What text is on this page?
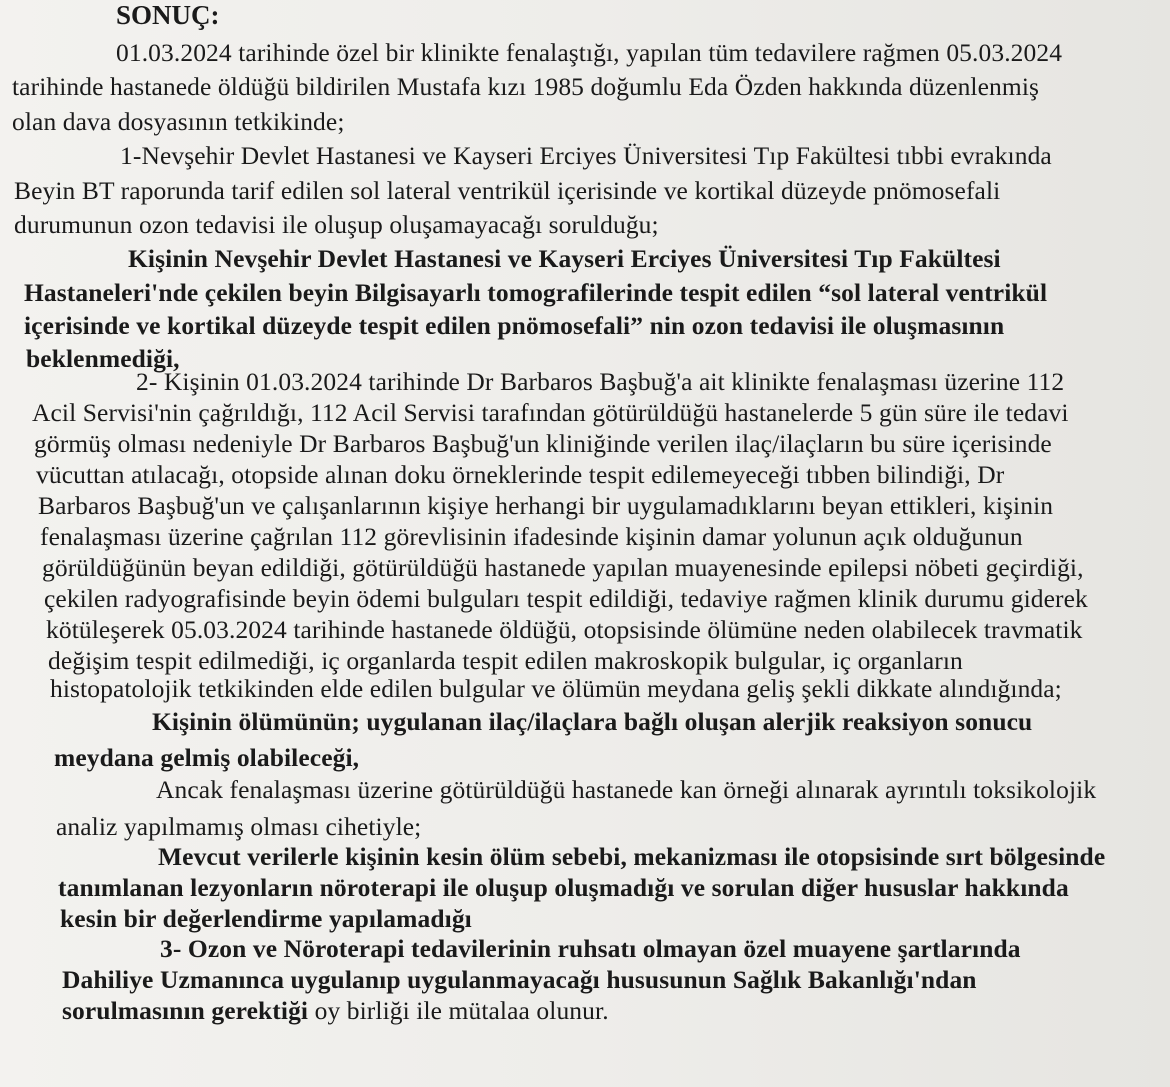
SONUÇ:
01.03.2024 tarihinde özel bir klinikte fenalaştığı, yapılan tüm tedavilere rağmen 05.03.2024
tarihinde hastanede öldüğü bildirilen Mustafa kızı 1985 doğumlu Eda Özden hakkında düzenlenmiş
olan dava dosyasının tetkikinde;
1-Nevşehir Devlet Hastanesi ve Kayseri Erciyes Üniversitesi Tıp Fakültesi tıbbi evrakında
Beyin BT raporunda tarif edilen sol lateral ventrikül içerisinde ve kortikal düzeyde pnömosefali
durumunun ozon tedavisi ile oluşup oluşamayacağı sorulduğu;
Kişinin Nevşehir Devlet Hastanesi ve Kayseri Erciyes Üniversitesi Tıp Fakültesi
Hastaneleri'nde çekilen beyin Bilgisayarlı tomografilerinde tespit edilen “sol lateral ventrikül
içerisinde ve kortikal düzeyde tespit edilen pnömosefali” nin ozon tedavisi ile oluşmasının
beklenmediği,
2- Kişinin 01.03.2024 tarihinde Dr Barbaros Başbuğ'a ait klinikte fenalaşması üzerine 112
Acil Servisi'nin çağrıldığı, 112 Acil Servisi tarafından götürüldüğü hastanelerde 5 gün süre ile tedavi
görmüş olması nedeniyle Dr Barbaros Başbuğ'un kliniğinde verilen ilaç/ilaçların bu süre içerisinde
vücuttan atılacağı, otopside alınan doku örneklerinde tespit edilemeyeceği tıbben bilindiği, Dr
Barbaros Başbuğ'un ve çalışanlarının kişiye herhangi bir uygulamadıklarını beyan ettikleri, kişinin
fenalaşması üzerine çağrılan 112 görevlisinin ifadesinde kişinin damar yolunun açık olduğunun
görüldüğünün beyan edildiği, götürüldüğü hastanede yapılan muayenesinde epilepsi nöbeti geçirdiği,
çekilen radyografisinde beyin ödemi bulguları tespit edildiği, tedaviye rağmen klinik durumu giderek
kötüleşerek 05.03.2024 tarihinde hastanede öldüğü, otopsisinde ölümüne neden olabilecek travmatik
değişim tespit edilmediği, iç organlarda tespit edilen makroskopik bulgular, iç organların
histopatolojik tetkikinden elde edilen bulgular ve ölümün meydana geliş şekli dikkate alındığında;
Kişinin ölümünün; uygulanan ilaç/ilaçlara bağlı oluşan alerjik reaksiyon sonucu
meydana gelmiş olabileceği,
Ancak fenalaşması üzerine götürüldüğü hastanede kan örneği alınarak ayrıntılı toksikolojik
analiz yapılmamış olması cihetiyle;
Mevcut verilerle kişinin kesin ölüm sebebi, mekanizması ile otopsisinde sırt bölgesinde
tanımlanan lezyonların nöroterapi ile oluşup oluşmadığı ve sorulan diğer hususlar hakkında
kesin bir değerlendirme yapılamadığı
3- Ozon ve Nöroterapi tedavilerinin ruhsatı olmayan özel muayene şartlarında
Dahiliye Uzmanınca uygulanıp uygulanmayacağı hususunun Sağlık Bakanlığı'ndan
sorulmasının gerektiği oy birliği ile mütalaa olunur.
